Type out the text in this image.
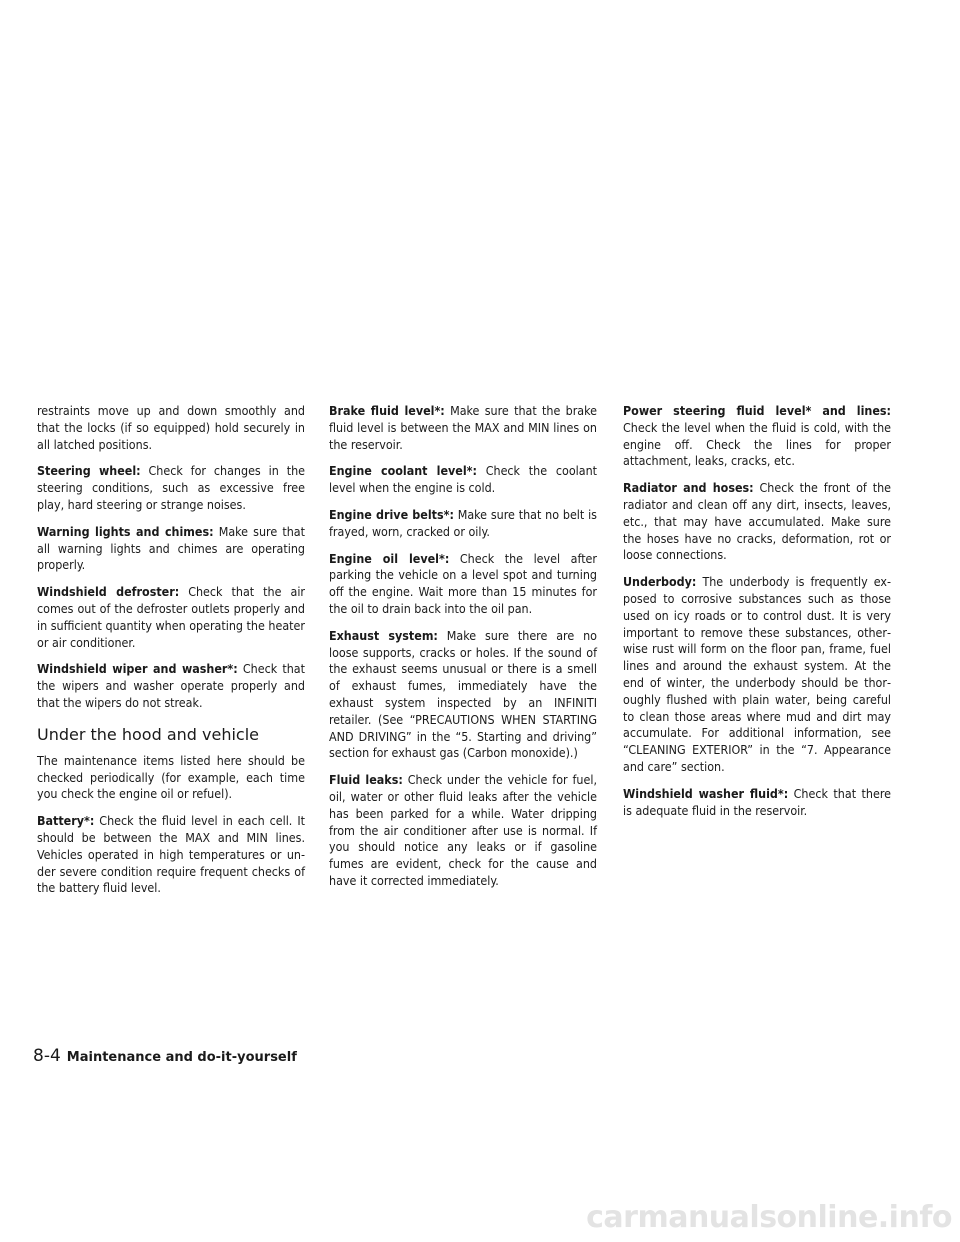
restraints move up and down smoothly and that the locks (if so equipped) hold securely in all latched positions.

Steering wheel: Check for changes in the steering conditions, such as excessive free play, hard steering or strange noises.

Warning lights and chimes: Make sure that all warning lights and chimes are operating properly.

Windshield defroster: Check that the air comes out of the defroster outlets properly and in sufficient quantity when operating the heater or air conditioner.

Windshield wiper and washer*: Check that the wipers and washer operate properly and that the wipers do not streak.

Under the hood and vehicle

The maintenance items listed here should be checked periodically (for example, each time you check the engine oil or refuel).

Battery*: Check the fluid level in each cell. It should be between the MAX and MIN lines. Vehicles operated in high temperatures or under severe condition require frequent checks of the battery fluid level.

Brake fluid level*: Make sure that the brake fluid level is between the MAX and MIN lines on the reservoir.

Engine coolant level*: Check the coolant level when the engine is cold.

Engine drive belts*: Make sure that no belt is frayed, worn, cracked or oily.

Engine oil level*: Check the level after parking the vehicle on a level spot and turning off the engine. Wait more than 15 minutes for the oil to drain back into the oil pan.

Exhaust system: Make sure there are no loose supports, cracks or holes. If the sound of the exhaust seems unusual or there is a smell of exhaust fumes, immediately have the exhaust system inspected by an INFINITI retailer. (See “PRECAUTIONS WHEN STARTING AND DRIVING” in the “5. Starting and driving” section for exhaust gas (Carbon monoxide).)

Fluid leaks: Check under the vehicle for fuel, oil, water or other fluid leaks after the vehicle has been parked for a while. Water dripping from the air conditioner after use is normal. If you should notice any leaks or if gasoline fumes are evident, check for the cause and have it corrected immediately.

Power steering fluid level* and lines: Check the level when the fluid is cold, with the engine off. Check the lines for proper attachment, leaks, cracks, etc.

Radiator and hoses: Check the front of the radiator and clean off any dirt, insects, leaves, etc., that may have accumulated. Make sure the hoses have no cracks, deformation, rot or loose connections.

Underbody: The underbody is frequently exposed to corrosive substances such as those used on icy roads or to control dust. It is very important to remove these substances, otherwise rust will form on the floor pan, frame, fuel lines and around the exhaust system. At the end of winter, the underbody should be thoroughly flushed with plain water, being careful to clean those areas where mud and dirt may accumulate. For additional information, see “CLEANING EXTERIOR” in the “7. Appearance and care” section.

Windshield washer fluid*: Check that there is adequate fluid in the reservoir.

8-4 Maintenance and do-it-yourself
carmanualsonline.info
